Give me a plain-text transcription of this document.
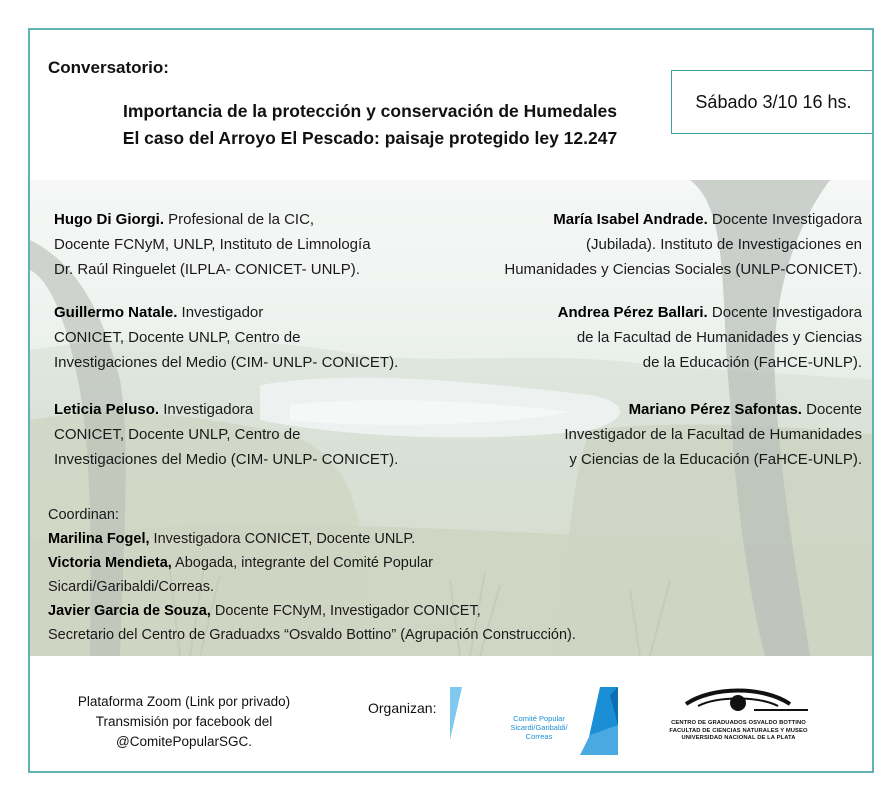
Conversatorio:
Importancia de la protección y conservación de Humedales
El caso del Arroyo El Pescado: paisaje protegido ley 12.247
Sábado 3/10 16 hs.
Hugo Di Giorgi. Profesional de la CIC,
Docente FCNyM, UNLP, Instituto de Limnología
Dr. Raúl Ringuelet (ILPLA- CONICET- UNLP).
Guillermo Natale. Investigador
CONICET, Docente UNLP, Centro de
Investigaciones del Medio (CIM- UNLP- CONICET).
Leticia Peluso. Investigadora
CONICET, Docente UNLP, Centro de
Investigaciones del Medio (CIM- UNLP- CONICET).
María Isabel Andrade. Docente Investigadora
(Jubilada). Instituto de Investigaciones en
Humanidades y Ciencias Sociales (UNLP-CONICET).
Andrea Pérez Ballari. Docente Investigadora
de la Facultad de Humanidades y Ciencias
de la Educación (FaHCE-UNLP).
Mariano Pérez Safontas. Docente
Investigador de la Facultad de Humanidades
y Ciencias de la Educación (FaHCE-UNLP).
Coordinan:
Marilina Fogel, Investigadora CONICET, Docente UNLP.
Victoria Mendieta, Abogada, integrante del Comité Popular
Sicardi/Garibaldi/Correas.
Javier Garcia de Souza, Docente FCNyM, Investigador CONICET,
Secretario del Centro de Graduadxs “Osvaldo Bottino” (Agrupación Construcción).
Plataforma Zoom (Link por privado)
Transmisión por facebook del
@ComitePopularSGC.
Organizan:
Comité Popular
Sicardi/Garibaldi/
Correas
CENTRO DE GRADUADOS OSVALDO BOTTINO
FACULTAD DE CIENCIAS NATURALES Y MUSEO
UNIVERSIDAD NACIONAL DE LA PLATA
